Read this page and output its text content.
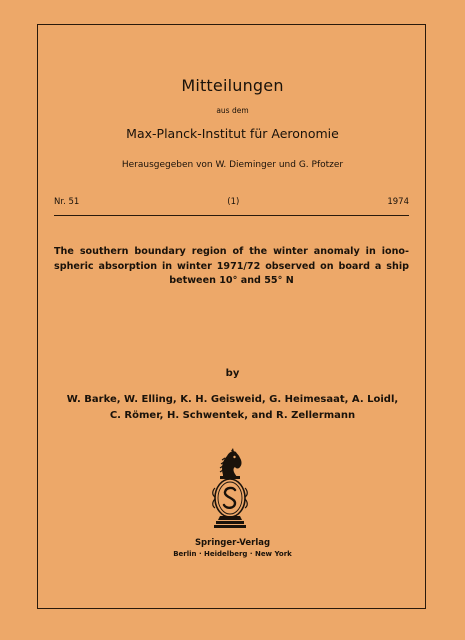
Mitteilungen
aus dem
Max-Planck-Institut für Aeronomie
Herausgegeben von W. Dieminger und G. Pfotzer
Nr. 51	(1)	1974
The southern boundary region of the winter anomaly in iono-
spheric absorption in winter 1971/72 observed on board a ship
between 10° and 55° N
by
W. Barke, W. Elling, K. H. Geisweid, G. Heimesaat, A. Loidl,
C. Römer, H. Schwentek, and R. Zellermann
Springer-Verlag
Berlin · Heidelberg · New York
